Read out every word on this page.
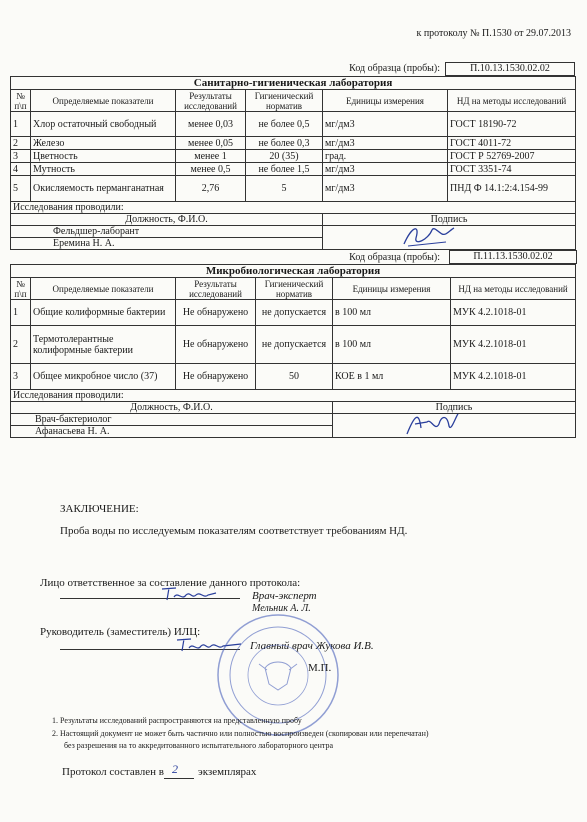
к протоколу № П.1530 от 29.07.2013
Код образца (пробы):	П.10.13.1530.02.02
Санитарно-гигиеническая лаборатория					
№ п\п	Определяемые показатели	Результаты исследований	Гигиенический норматив	Единицы измерения	НД на методы исследований
1	Хлор остаточный свободный	менее 0,03	не более 0,5	мг/дм3	ГОСТ 18190-72
2	Железо	менее 0,05	не более 0,3	мг/дм3	ГОСТ 4011-72
3	Цветность	менее 1	20 (35)	град.	ГОСТ Р 52769-2007
4	Мутность	менее 0,5	не более 1,5	мг/дм3	ГОСТ 3351-74
5	Окисляемость перманганатная	2,76	5	мг/дм3	ПНД Ф 14.1:2:4.154-99
Исследования проводили:					
Должность, Ф.И.О.				Подпись	
Фельдшер-лаборант	

Еремина Н. А.					
Код образца (пробы):	П.11.13.1530.02.02
Микробиологическая лаборатория					
№ п\п	Определяемые показатели	Результаты исследований	Гигиенический норматив	Единицы измерения	НД на методы исследований
1	Общие колиформные бактерии	Не обнаружено	не допускается	в 100 мл	МУК 4.2.1018-01
2	Термотолерантные колиформные бактерии	Не обнаружено	не допускается	в 100 мл	МУК 4.2.1018-01
3	Общее микробное число (37)	Не обнаружено	50	КОЕ в 1 мл	МУК 4.2.1018-01
Исследования проводили:					
Должность, Ф.И.О.				Подпись	
Врач-бактериолог	

Афанасьева Н. А.					
ЗАКЛЮЧЕНИЕ:
Проба воды по исследуемым показателям соответствует требованиям НД.
Лицо ответственное за составление данного протокола:
Врач-эксперт
Мельник А. Л.
Руководитель (заместитель) ИЛЦ:
Главный врач Жукова И.В.
М.П.
1. Результаты исследований распространяются на представленную пробу
2. Настоящий документ не может быть частично или полностью воспроизведен (скопирован или перепечатан)
без разрешения на то аккредитованного испытательного лабораторного центра
Протокол составлен в 2 экземплярах
